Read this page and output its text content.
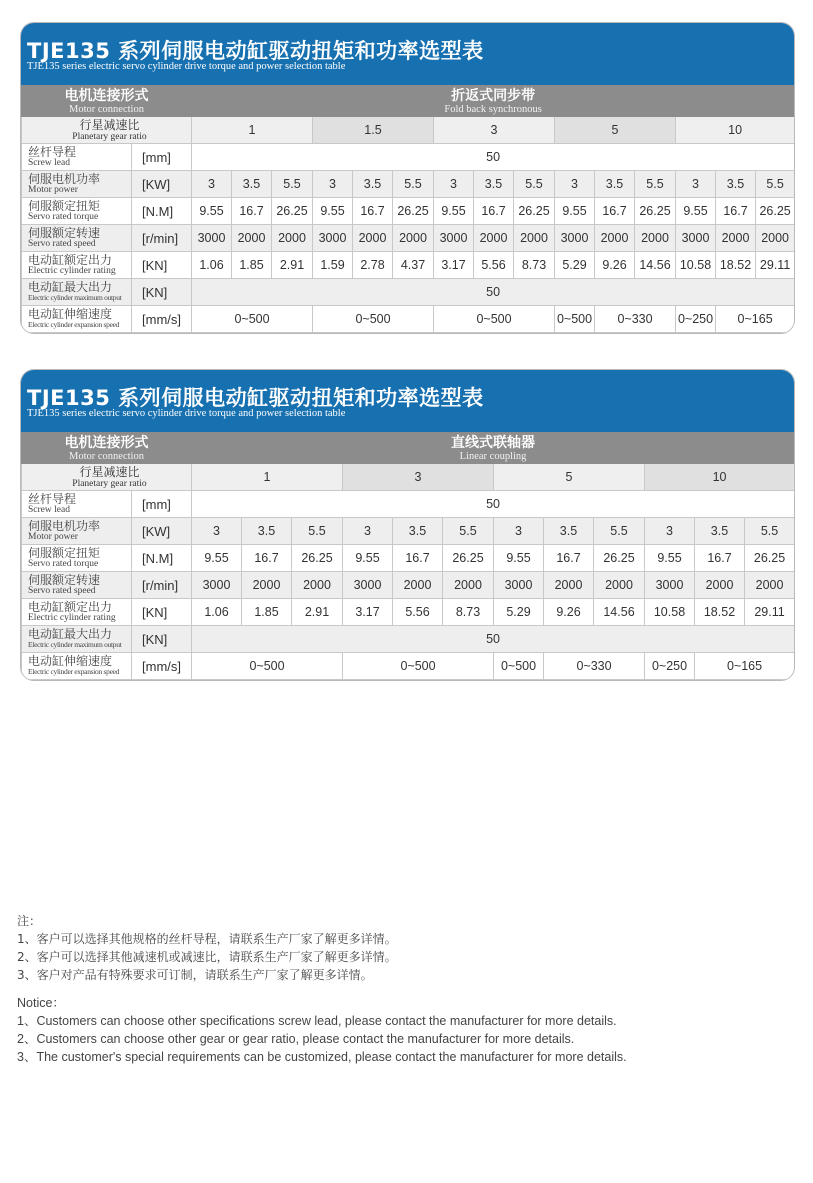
TJE135 系列伺服电动缸驱动扭矩和功率选型表
TJE135 series electric servo cylinder drive torque and power selection table
电机连接形式
Motor connection		折返式同步带
Fold back synchronous														

行星减速比
Planetary gear ratio		1			1.5			3			5			10		

丝杆导程
Screw lead	[mm]	50														

伺服电机功率
Motor power	[KW]	3	3.5	5.5	3	3.5	5.5	3	3.5	5.5	3	3.5	5.5	3	3.5	5.5

伺服额定扭矩
Servo rated torque	[N.M]	9.55	16.7	26.25	9.55	16.7	26.25	9.55	16.7	26.25	9.55	16.7	26.25	9.55	16.7	26.25

伺服额定转速
Servo rated speed	[r/min]	3000	2000	2000	3000	2000	2000	3000	2000	2000	3000	2000	2000	3000	2000	2000

电动缸额定出力
Electric cylinder rating	[KN]	1.06	1.85	2.91	1.59	2.78	4.37	3.17	5.56	8.73	5.29	9.26	14.56	10.58	18.52	29.11

电动缸最大出力
Electric cylinder maximum output	[KN]	50														

电动缸伸缩速度
Electric cylinder expansion speed	[mm/s]	0~500			0~500			0~500			0~500	0~330		0~250	0~165	
TJE135 系列伺服电动缸驱动扭矩和功率选型表
TJE135 series electric servo cylinder drive torque and power selection table
电机连接形式
Motor connection		直线式联轴器
Linear coupling											

行星减速比
Planetary gear ratio		1			3			5			10		

丝杆导程
Screw lead	[mm]	50											

伺服电机功率
Motor power	[KW]	3	3.5	5.5	3	3.5	5.5	3	3.5	5.5	3	3.5	5.5

伺服额定扭矩
Servo rated torque	[N.M]	9.55	16.7	26.25	9.55	16.7	26.25	9.55	16.7	26.25	9.55	16.7	26.25

伺服额定转速
Servo rated speed	[r/min]	3000	2000	2000	3000	2000	2000	3000	2000	2000	3000	2000	2000

电动缸额定出力
Electric cylinder rating	[KN]	1.06	1.85	2.91	3.17	5.56	8.73	5.29	9.26	14.56	10.58	18.52	29.11

电动缸最大出力
Electric cylinder maximum output	[KN]	50											

电动缸伸缩速度
Electric cylinder expansion speed	[mm/s]	0~500			0~500			0~500	0~330		0~250	0~165	
注：
1、客户可以选择其他规格的丝杆导程，请联系生产厂家了解更多详情。
2、客户可以选择其他减速机或减速比，请联系生产厂家了解更多详情。
3、客户对产品有特殊要求可订制，请联系生产厂家了解更多详情。
Notice：
1、Customers can choose other specifications screw lead, please contact the manufacturer for more details.
2、Customers can choose other gear or gear ratio, please contact the manufacturer for more details.
3、The customer's special requirements can be customized, please contact the manufacturer for more details.
